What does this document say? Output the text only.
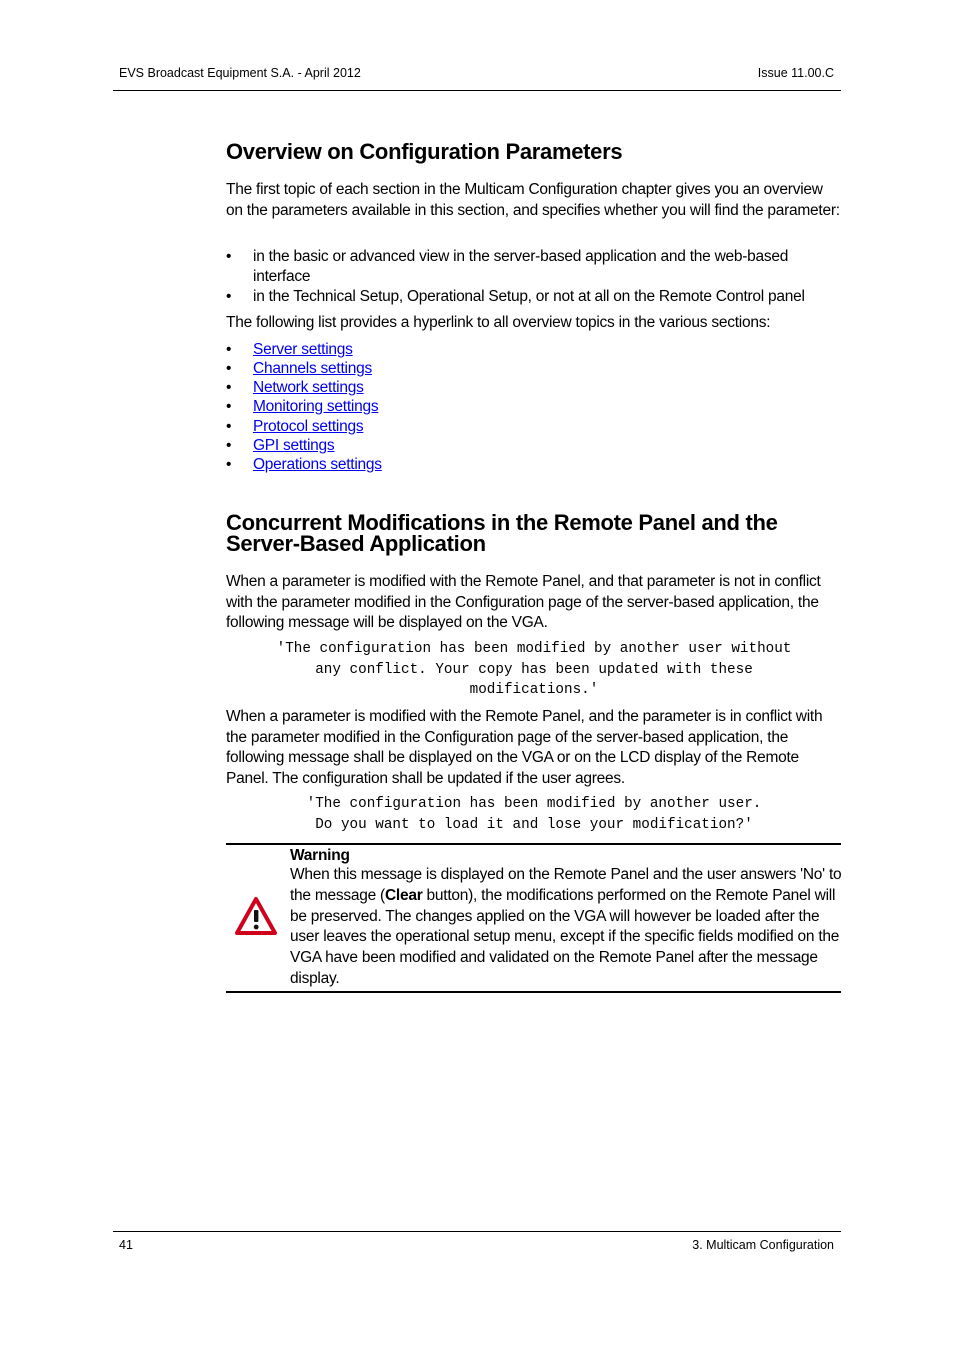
EVS Broadcast Equipment S.A. - April 2012	Issue 11.00.C
Overview on Configuration Parameters

The first topic of each section in the Multicam Configuration chapter gives you an overview on the parameters available in this section, and specifies whether you will find the parameter:

• in the basic or advanced view in the server-based application and the web-based interface
• in the Technical Setup, Operational Setup, or not at all on the Remote Control panel

The following list provides a hyperlink to all overview topics in the various sections:

• Server settings
• Channels settings
• Network settings
• Monitoring settings
• Protocol settings
• GPI settings
• Operations settings
Concurrent Modifications in the Remote Panel and the
Server-Based Application

When a parameter is modified with the Remote Panel, and that parameter is not in conflict with the parameter modified in the Configuration page of the server-based application, the following message will be displayed on the VGA.

'The configuration has been modified by another user without
any conflict. Your copy has been updated with these
modifications.'

When a parameter is modified with the Remote Panel, and the parameter is in conflict with the parameter modified in the Configuration page of the server-based application, the following message shall be displayed on the VGA or on the LCD display of the Remote Panel. The configuration shall be updated if the user agrees.

'The configuration has been modified by another user.
Do you want to load it and lose your modification?'
Warning

When this message is displayed on the Remote Panel and the user answers 'No' to the message (Clear button), the modifications performed on the Remote Panel will be preserved. The changes applied on the VGA will however be loaded after the user leaves the operational setup menu, except if the specific fields modified on the VGA have been modified and validated on the Remote Panel after the message display.

41	3. Multicam Configuration
